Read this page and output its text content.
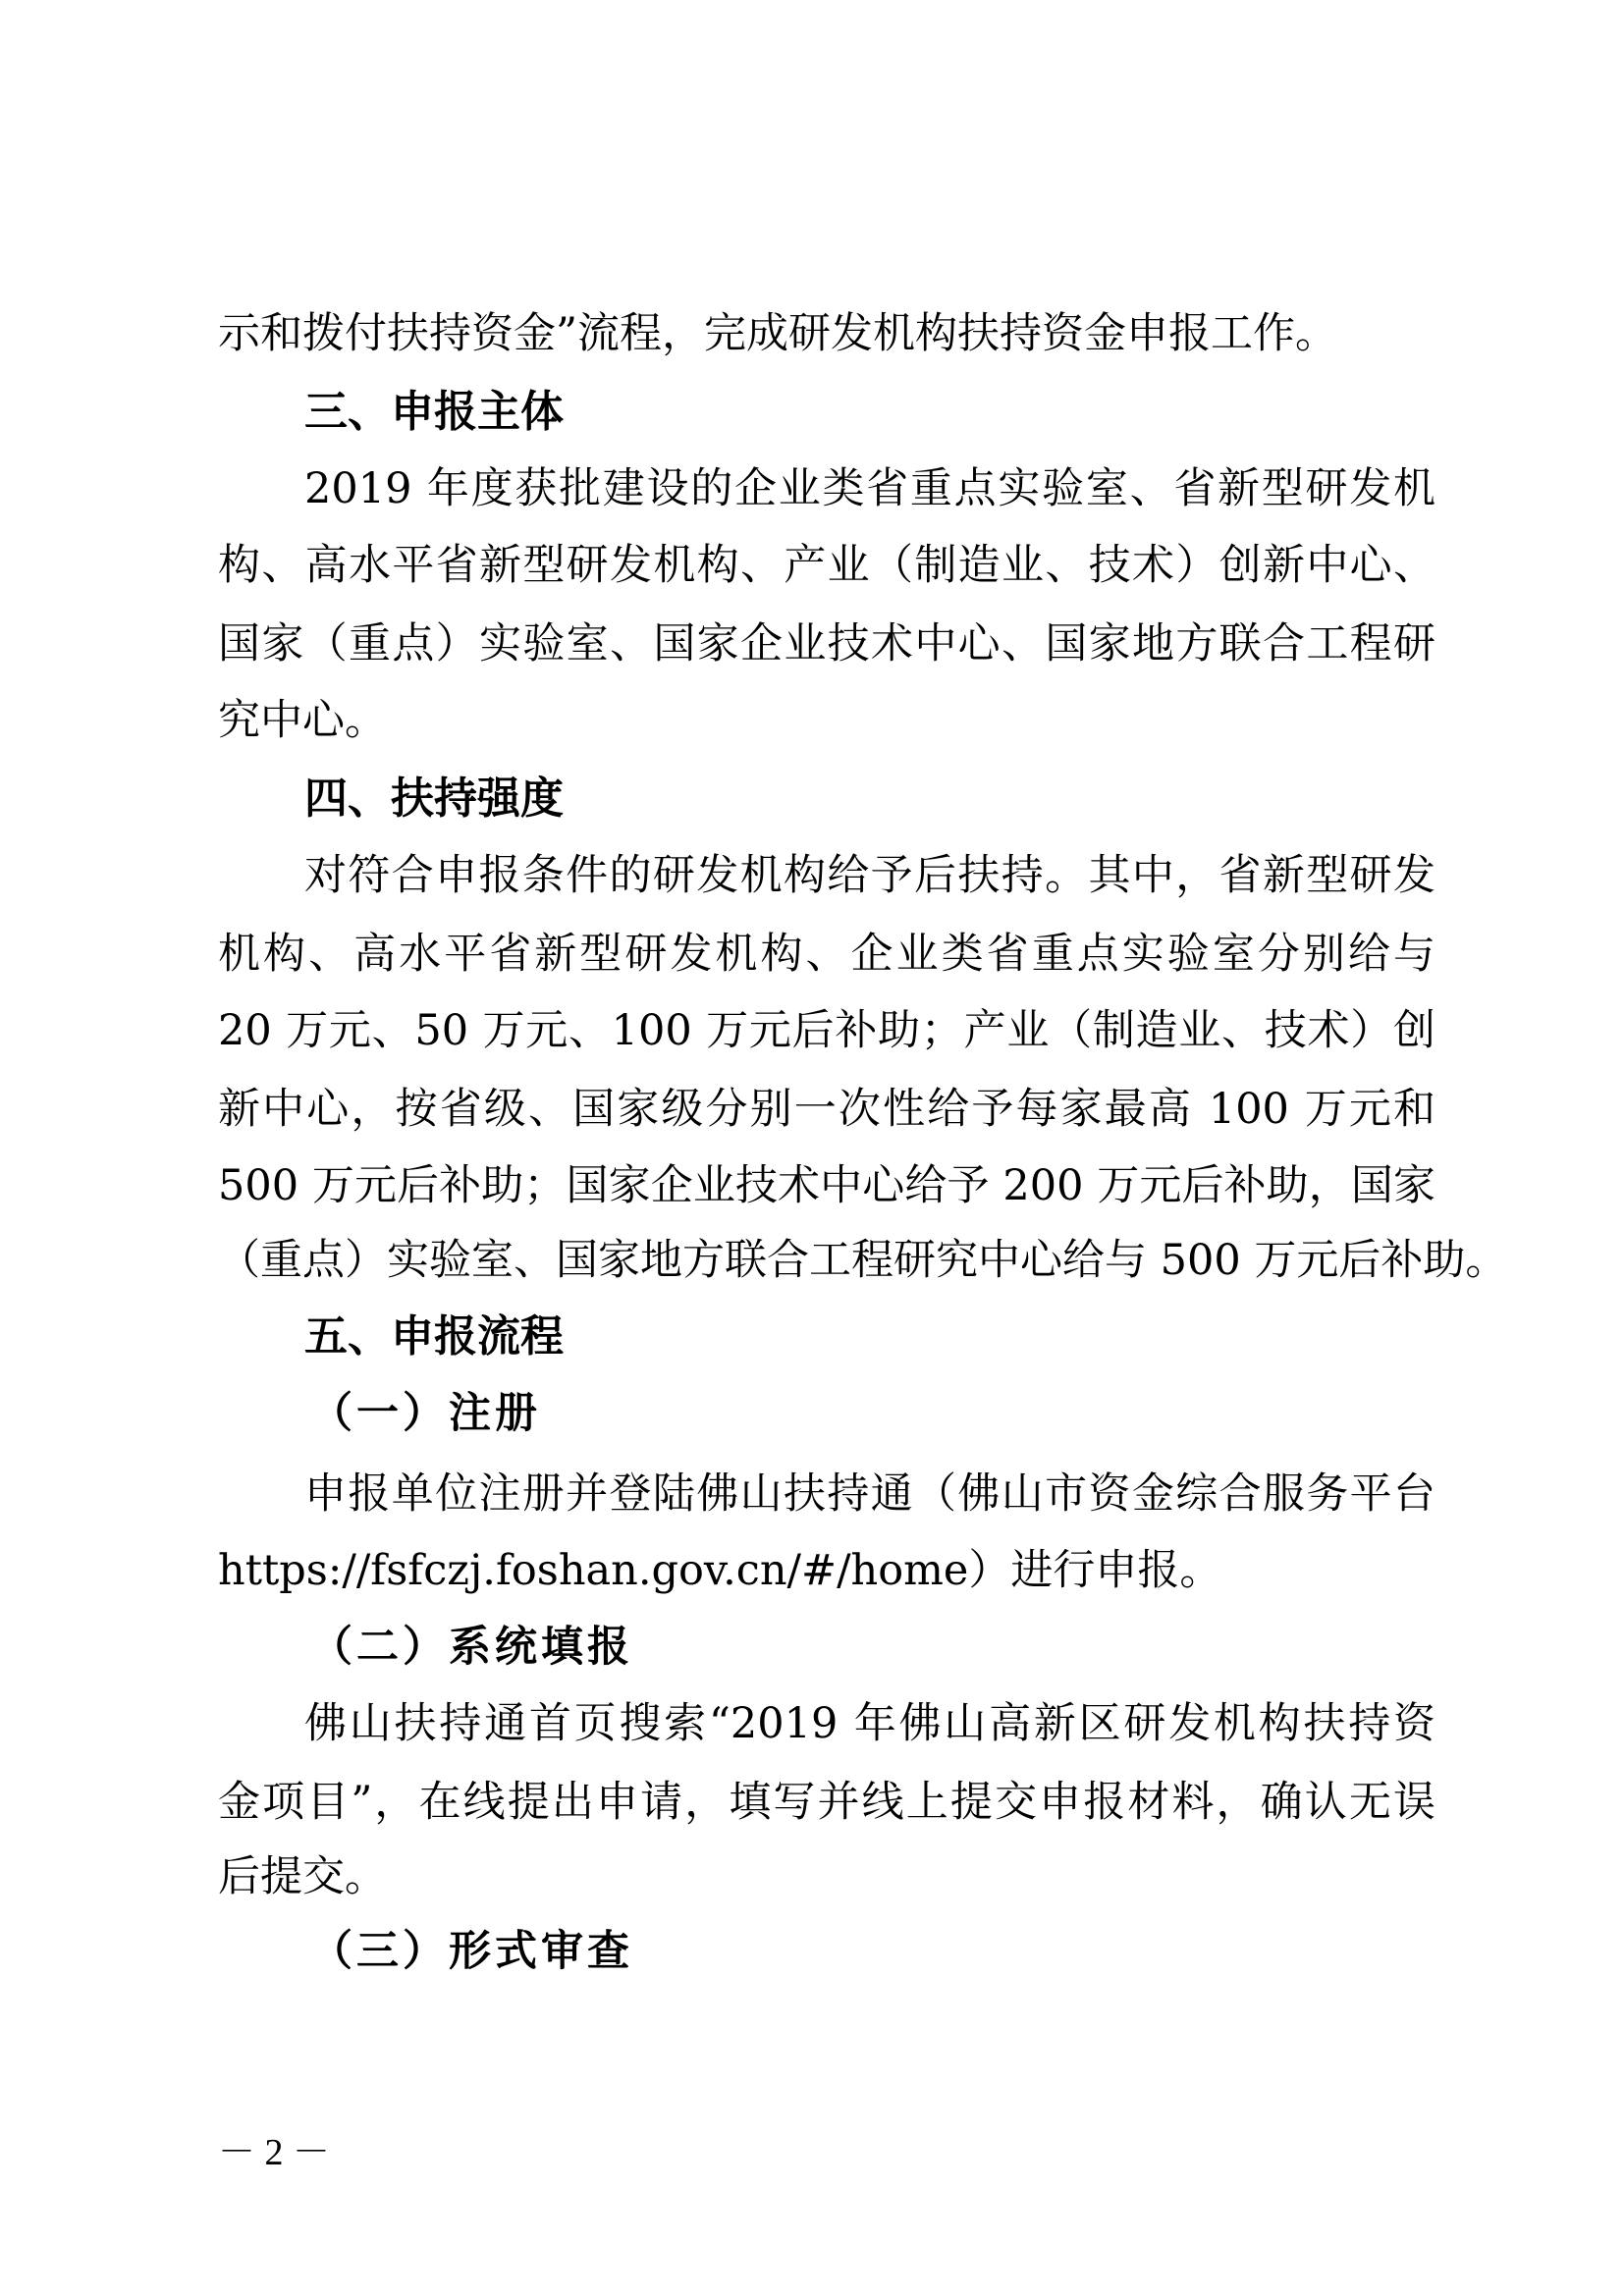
示和拨付扶持资金”流程，完成研发机构扶持资金申报工作。
三、申报主体
2019 年度获批建设的企业类省重点实验室、省新型研发机
构、高水平省新型研发机构、产业（制造业、技术）创新中心、
国家（重点）实验室、国家企业技术中心、国家地方联合工程研
究中心。
四、扶持强度
对符合申报条件的研发机构给予后扶持。其中，省新型研发
机构、高水平省新型研发机构、企业类省重点实验室分别给与
20 万元、50 万元、100 万元后补助；产业（制造业、技术）创
新中心，按省级、国家级分别一次性给予每家最高 100 万元和
500 万元后补助；国家企业技术中心给予 200 万元后补助，国家
（重点）实验室、国家地方联合工程研究中心给与 500 万元后补助。
五、申报流程
（一）注册
申报单位注册并登陆佛山扶持通（佛山市资金综合服务平台
https://fsfczj.foshan.gov.cn/#/home）进行申报。
（二）系统填报
佛山扶持通首页搜索“2019 年佛山高新区研发机构扶持资
金项目”，在线提出申请，填写并线上提交申报材料，确认无误
后提交。
（三）形式审查
－ 2 －
